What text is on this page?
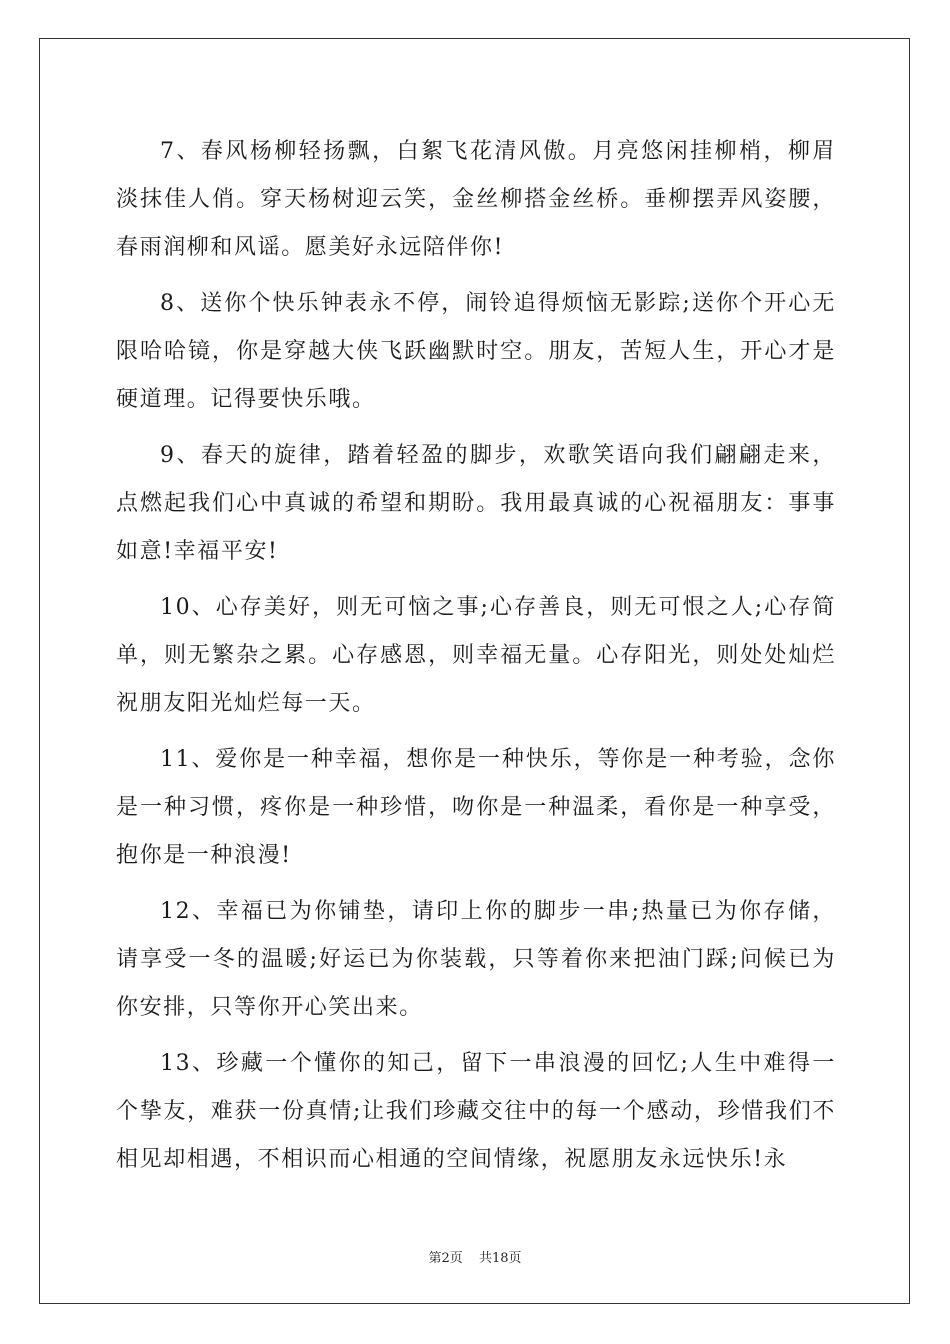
7、春风杨柳轻扬飘，白絮飞花清风傲。月亮悠闲挂柳梢，柳眉淡抹佳人俏。穿天杨树迎云笑，金丝柳搭金丝桥。垂柳摆弄风姿腰，春雨润柳和风谣。愿美好永远陪伴你!

8、送你个快乐钟表永不停，闹铃追得烦恼无影踪;送你个开心无限哈哈镜，你是穿越大侠飞跃幽默时空。朋友，苦短人生，开心才是硬道理。记得要快乐哦。

9、春天的旋律，踏着轻盈的脚步，欢歌笑语向我们翩翩走来，点燃起我们心中真诚的希望和期盼。我用最真诚的心祝福朋友：事事如意!幸福平安!

10、心存美好，则无可恼之事;心存善良，则无可恨之人;心存简单，则无繁杂之累。心存感恩，则幸福无量。心存阳光，则处处灿烂祝朋友阳光灿烂每一天。

11、爱你是一种幸福，想你是一种快乐，等你是一种考验，念你是一种习惯，疼你是一种珍惜，吻你是一种温柔，看你是一种享受，抱你是一种浪漫!

12、幸福已为你铺垫，请印上你的脚步一串;热量已为你存储，请享受一冬的温暖;好运已为你装载，只等着你来把油门踩;问候已为你安排，只等你开心笑出来。

13、珍藏一个懂你的知己，留下一串浪漫的回忆;人生中难得一个挚友，难获一份真情;让我们珍藏交往中的每一个感动，珍惜我们不相见却相遇，不相识而心相通的空间情缘，祝愿朋友永远快乐!永

第2页 共18页
